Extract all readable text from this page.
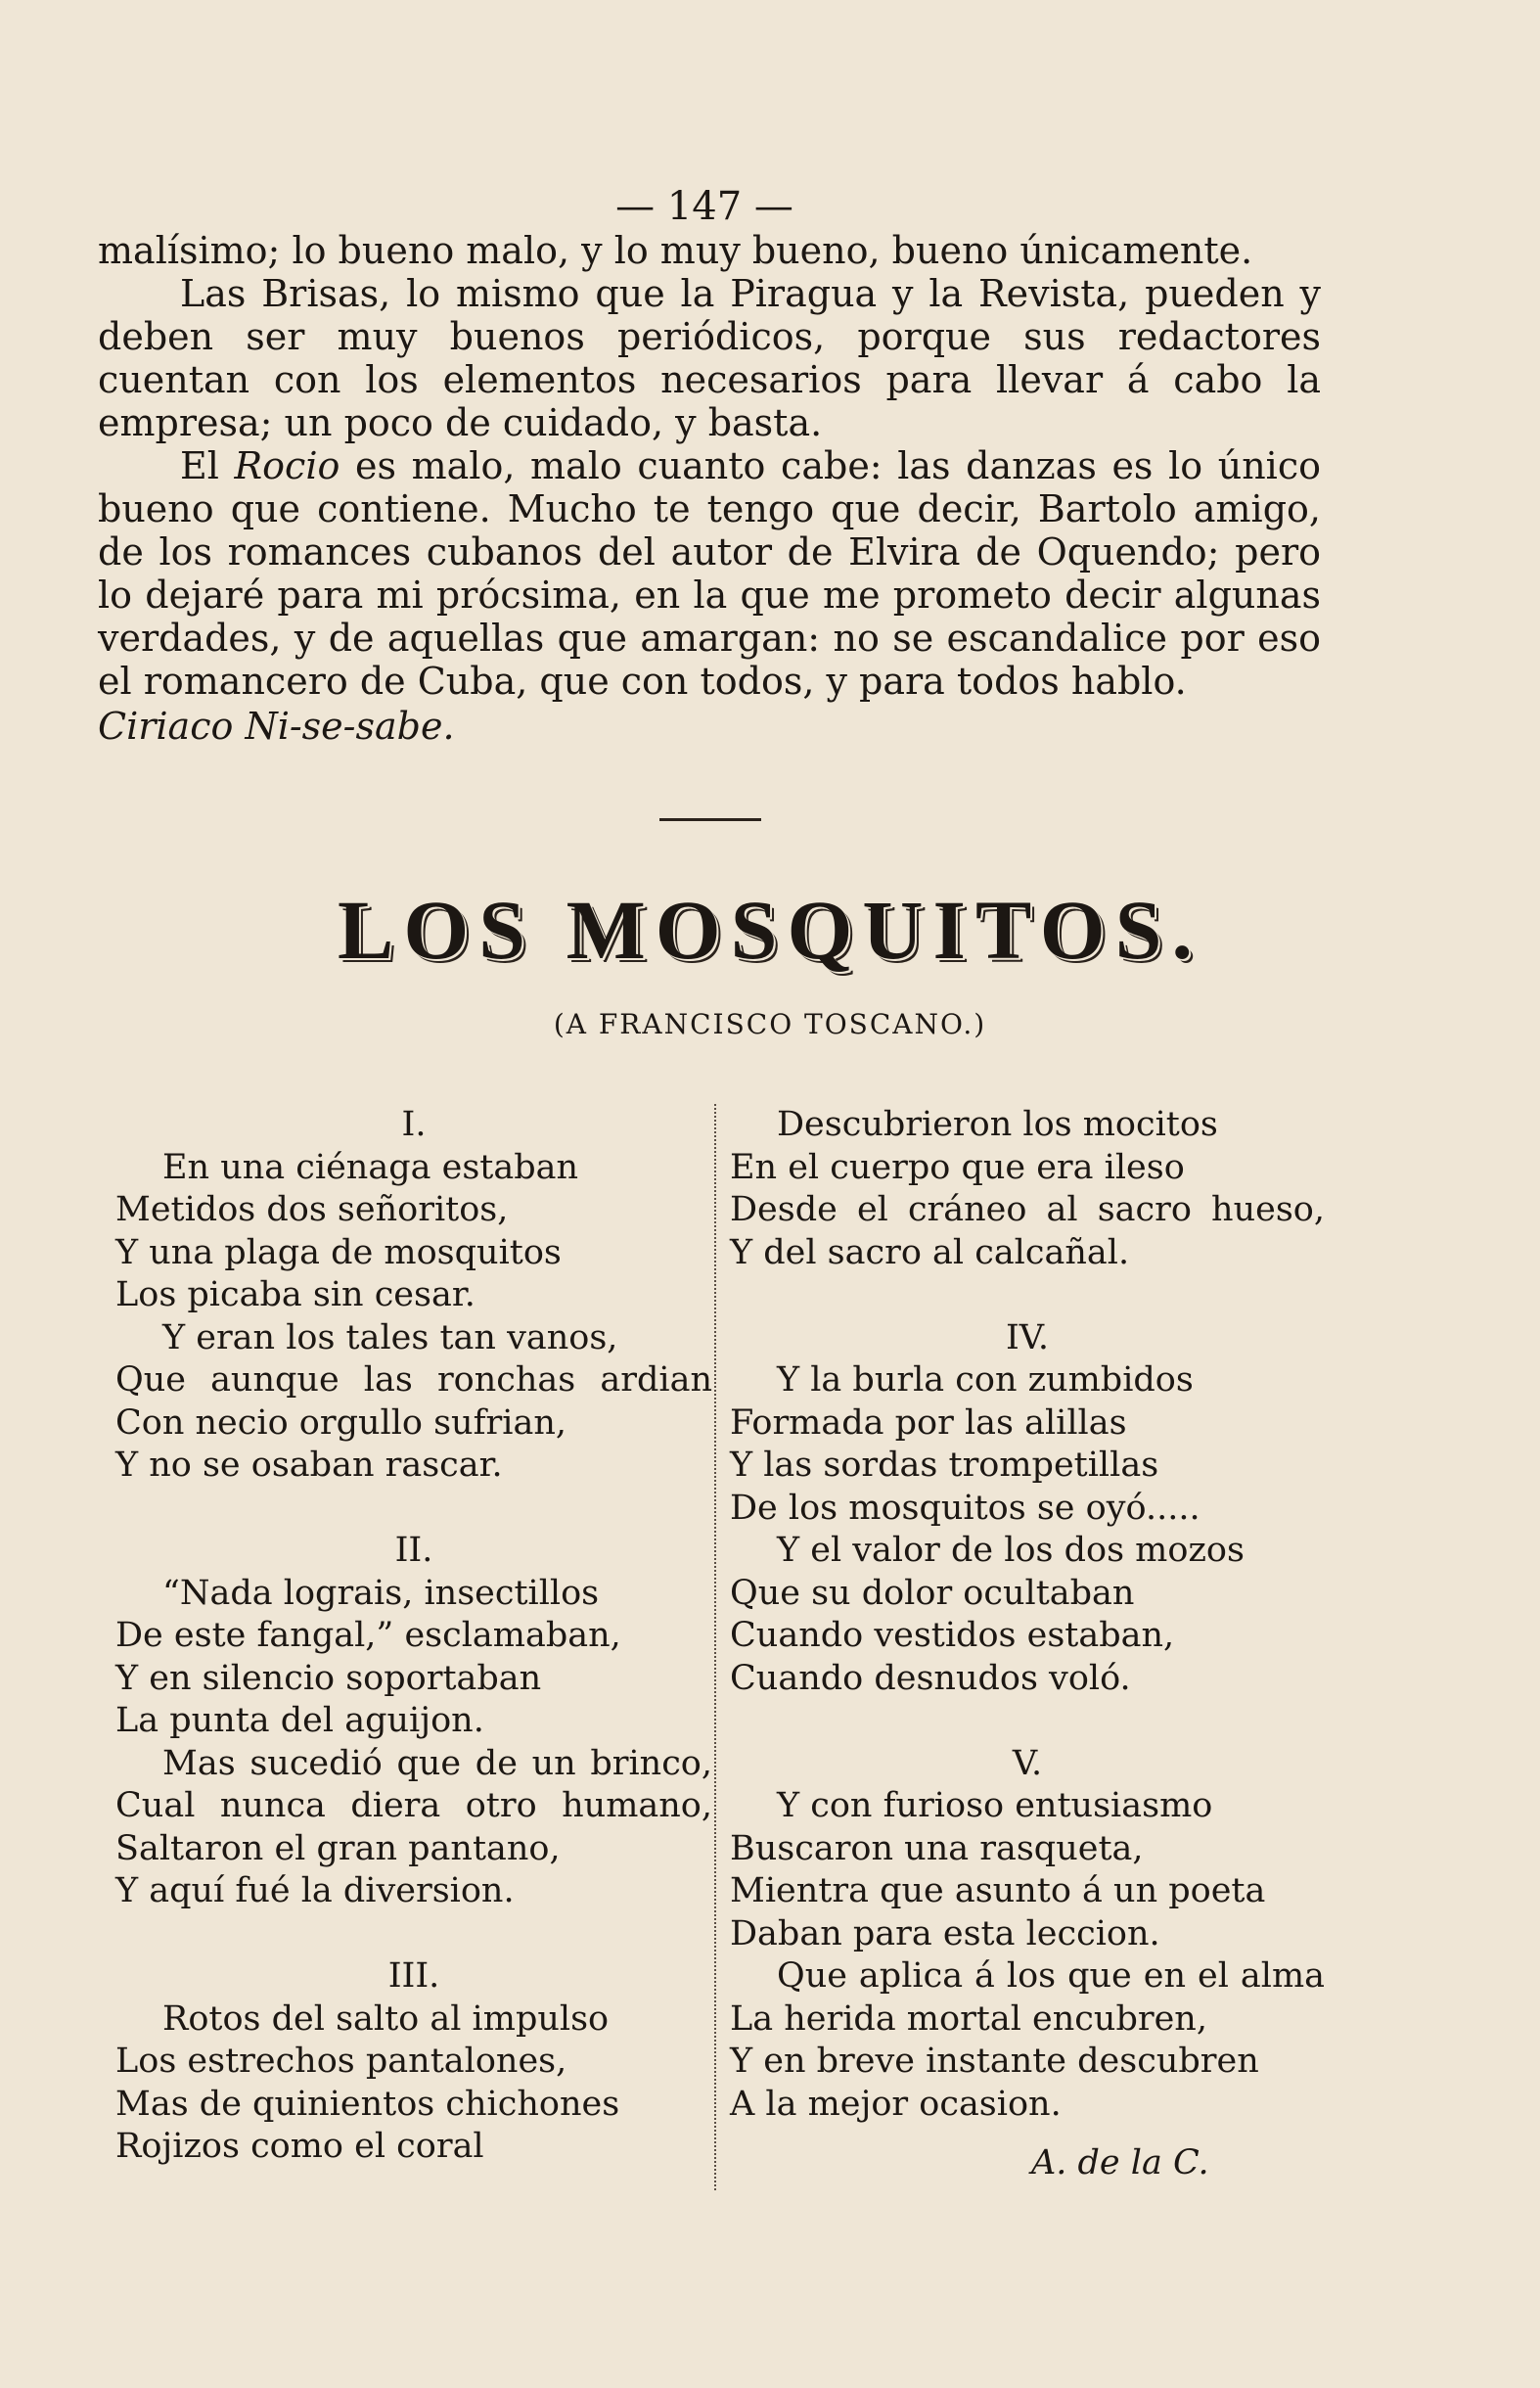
— 147 —

malísimo; lo bueno malo, y lo muy bueno, bueno únicamente.

Las Brisas, lo mismo que la Piragua y la Revista, pueden y deben ser muy buenos periódicos, porque sus redactores cuentan con los elementos necesarios para llevar á cabo la empresa; un poco de cuidado, y basta.

El Rocio es malo, malo cuanto cabe: las danzas es lo único bueno que contiene. Mucho te tengo que decir, Bartolo amigo, de los romances cubanos del autor de Elvira de Oquendo; pero lo dejaré para mi prócsima, en la que me prometo decir algunas verdades, y de aquellas que amargan: no se escandalice por eso el romancero de Cuba, que con todos, y para todos hablo.

Ciriaco Ni-se-sabe.

LOS MOSQUITOS.
(A FRANCISCO TOSCANO.)
I.
En una ciénaga estaban
Metidos dos señoritos,
Y una plaga de mosquitos
Los picaba sin cesar.
Y eran los tales tan vanos,
Que aunque las ronchas ardian
Con necio orgullo sufrian,
Y no se osaban rascar.
II.
“Nada lograis, insectillos
De este fangal,” esclamaban,
Y en silencio soportaban
La punta del aguijon.
Mas sucedió que de un brinco,
Cual nunca diera otro humano,
Saltaron el gran pantano,
Y aquí fué la diversion.
III.
Rotos del salto al impulso
Los estrechos pantalones,
Mas de quinientos chichones
Rojizos como el coral
Descubrieron los mocitos
En el cuerpo que era ileso
Desde el cráneo al sacro hueso,
Y del sacro al calcañal.
IV.
Y la burla con zumbidos
Formada por las alillas
Y las sordas trompetillas
De los mosquitos se oyó.....
Y el valor de los dos mozos
Que su dolor ocultaban
Cuando vestidos estaban,
Cuando desnudos voló.
V.
Y con furioso entusiasmo
Buscaron una rasqueta,
Mientra que asunto á un poeta
Daban para esta leccion.
Que aplica á los que en el alma
La herida mortal encubren,
Y en breve instante descubren
A la mejor ocasion.
A. de la C.
